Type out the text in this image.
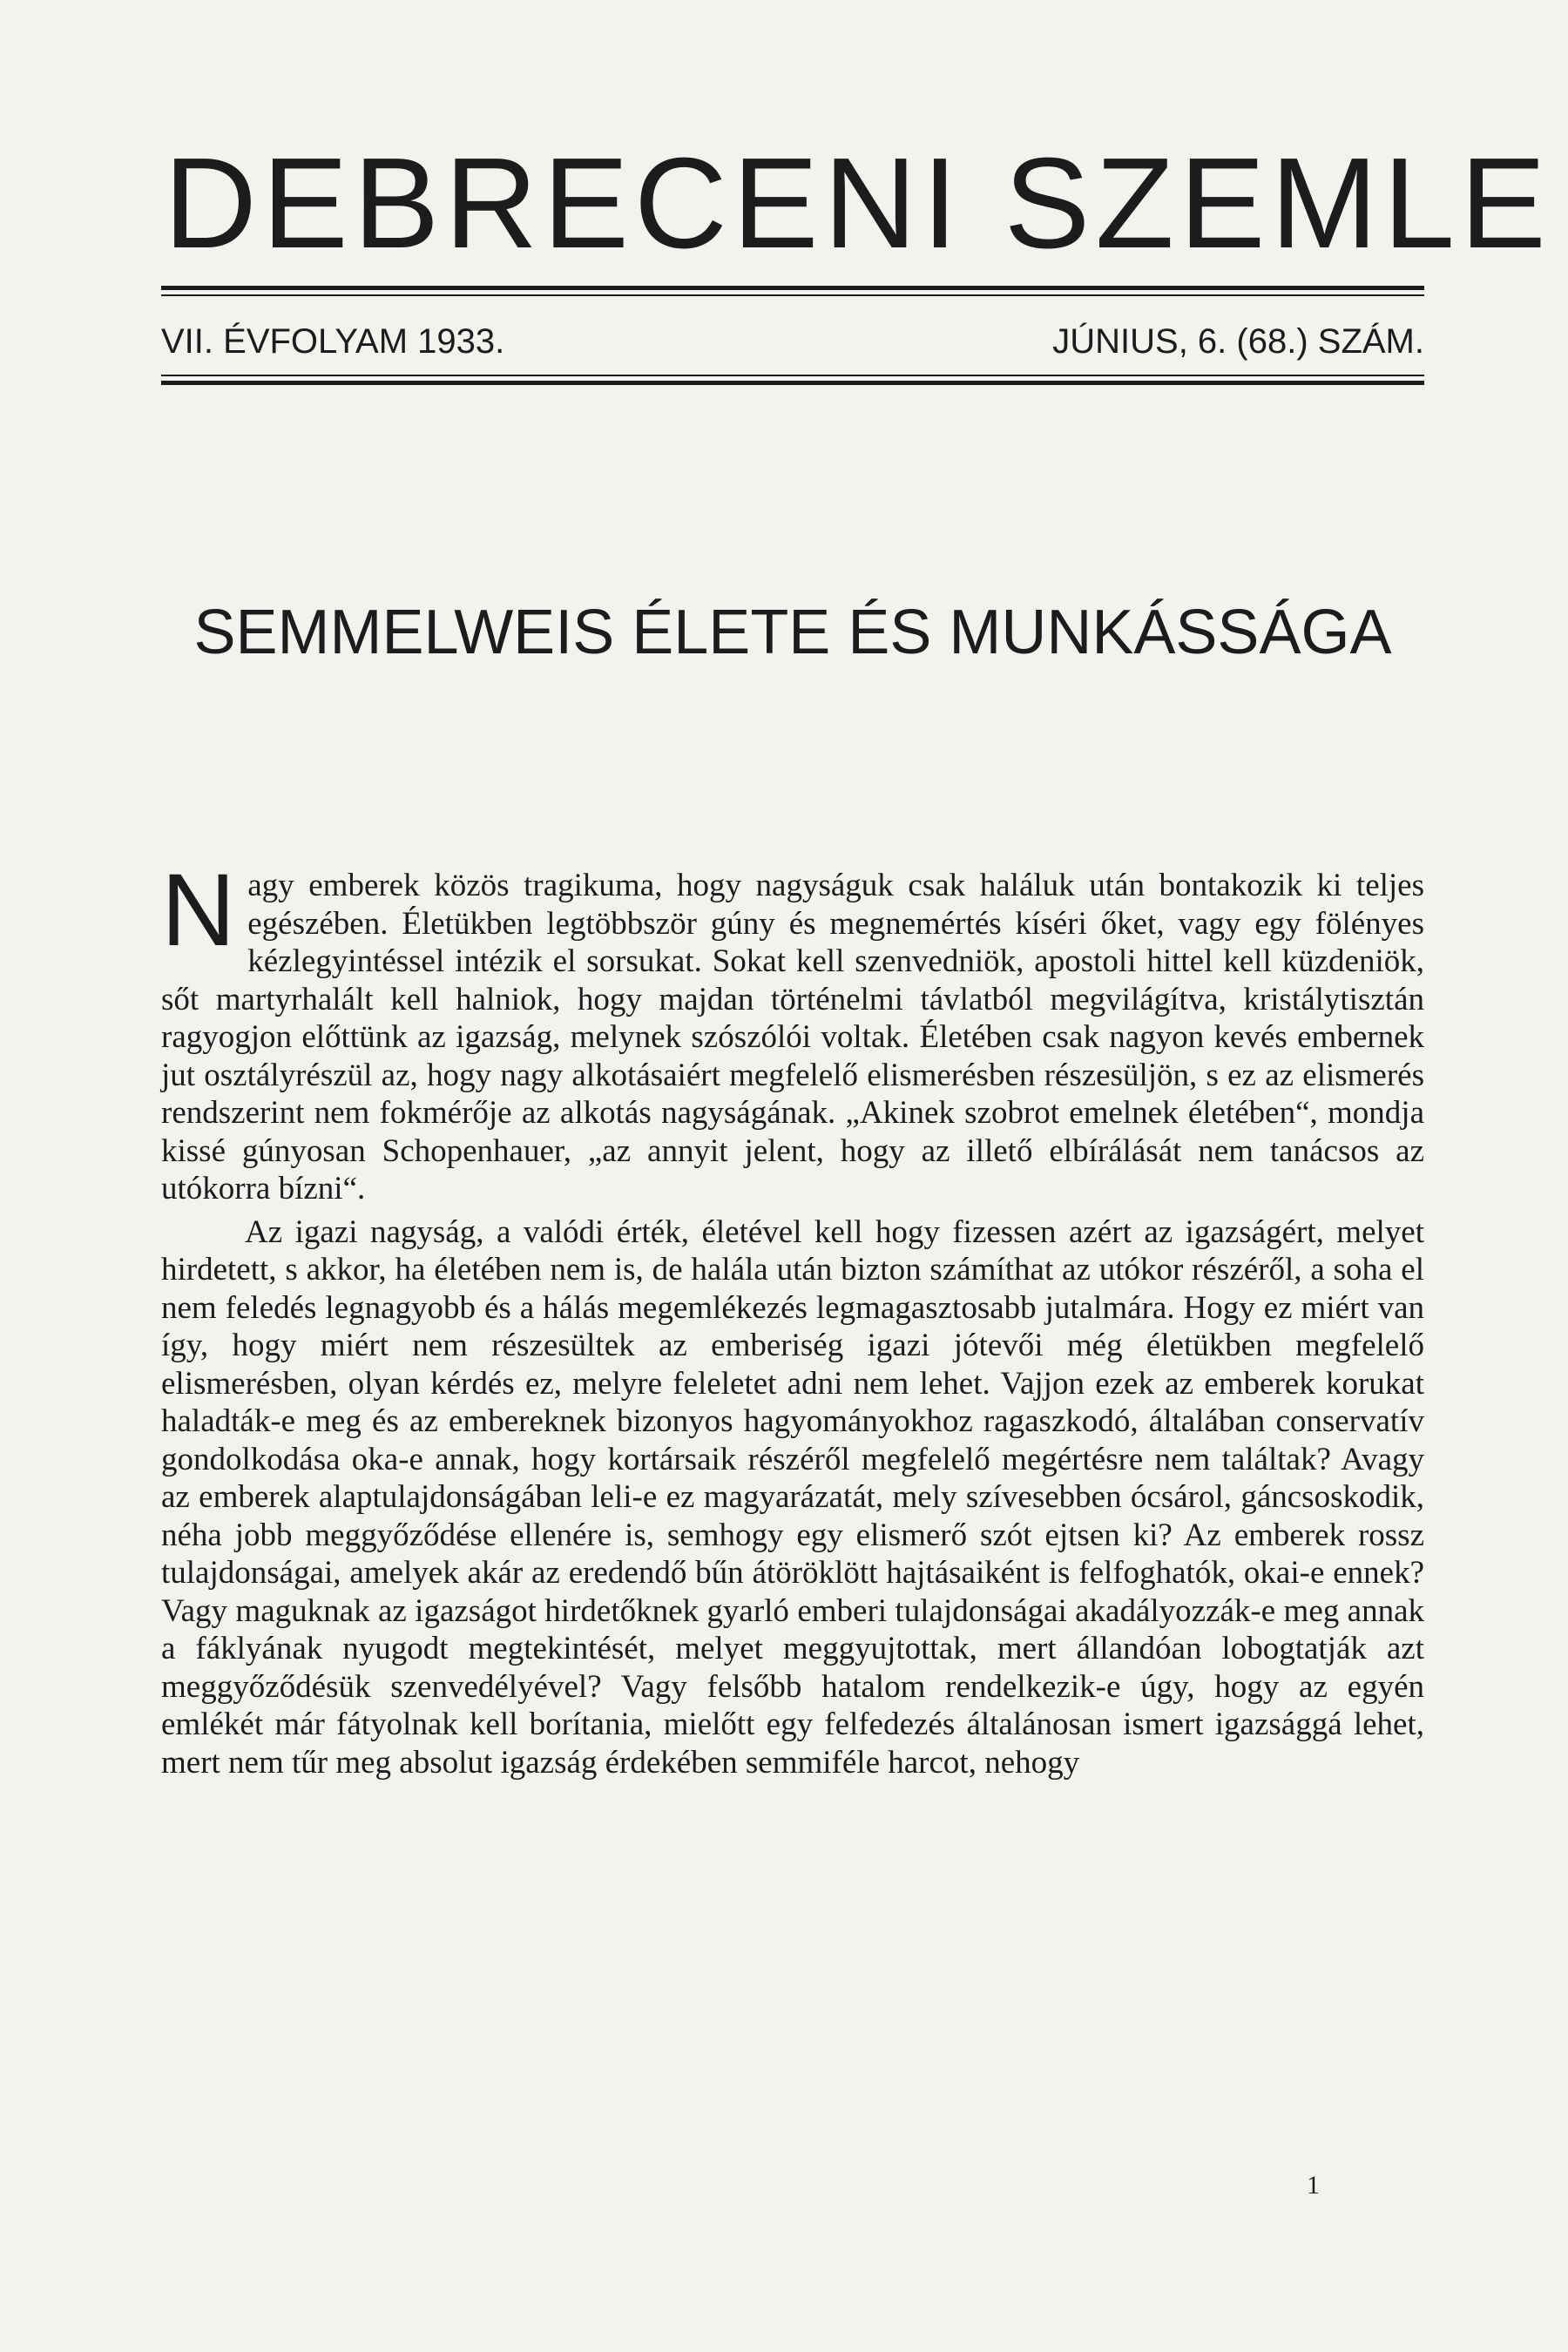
DEBRECENI SZEMLE
VII. ÉVFOLYAM 1933.	JÚNIUS, 6. (68.) SZÁM.
SEMMELWEIS ÉLETE ÉS MUNKÁSSÁGA

Nagy emberek közös tragikuma, hogy nagyságuk csak haláluk után bontakozik ki teljes egészében. Életükben legtöbbször gúny és megnemértés kíséri őket, vagy egy fölényes kézlegyintéssel intézik el sorsukat. Sokat kell szenvedniök, apostoli hittel kell küzdeniök, sőt martyrhalált kell halniok, hogy majdan történelmi távlatból megvilágítva, kristálytisztán ragyogjon előttünk az igazság, melynek szószólói voltak. Életében csak nagyon kevés embernek jut osztályrészül az, hogy nagy alkotásaiért megfelelő elismerésben részesüljön, s ez az elismerés rendszerint nem fokmérője az alkotás nagyságának. „Akinek szobrot emelnek életében“, mondja kissé gúnyosan Schopenhauer, „az annyit jelent, hogy az illető elbírálását nem tanácsos az utókorra bízni“.

Az igazi nagyság, a valódi érték, életével kell hogy fizessen azért az igazságért, melyet hirdetett, s akkor, ha életében nem is, de halála után bizton számíthat az utókor részéről, a soha el nem feledés legnagyobb és a hálás megemlékezés legmagasztosabb jutalmára. Hogy ez miért van így, hogy miért nem részesültek az emberiség igazi jótevői még életükben megfelelő elismerésben, olyan kérdés ez, melyre feleletet adni nem lehet. Vajjon ezek az emberek korukat haladták-e meg és az embereknek bizonyos hagyományokhoz ragaszkodó, általában conservatív gondolkodása oka-e annak, hogy kortársaik részéről megfelelő megértésre nem találtak? Avagy az emberek alaptulajdonságában leli-e ez magyarázatát, mely szívesebben ócsárol, gáncsoskodik, néha jobb meggyőződése ellenére is, semhogy egy elismerő szót ejtsen ki? Az emberek rossz tulajdonságai, amelyek akár az eredendő bűn átöröklött hajtásaiként is felfoghatók, okai-e ennek? Vagy maguknak az igazságot hirdetőknek gyarló emberi tulajdonságai akadályozzák-e meg annak a fáklyának nyugodt megtekintését, melyet meggyujtottak, mert állandóan lobogtatják azt meggyőződésük szenvedélyével? Vagy felsőbb hatalom rendelkezik-e úgy, hogy az egyén emlékét már fátyolnak kell borítania, mielőtt egy felfedezés általánosan ismert igazsággá lehet, mert nem tűr meg absolut igazság érdekében semmiféle harcot, nehogy

1
